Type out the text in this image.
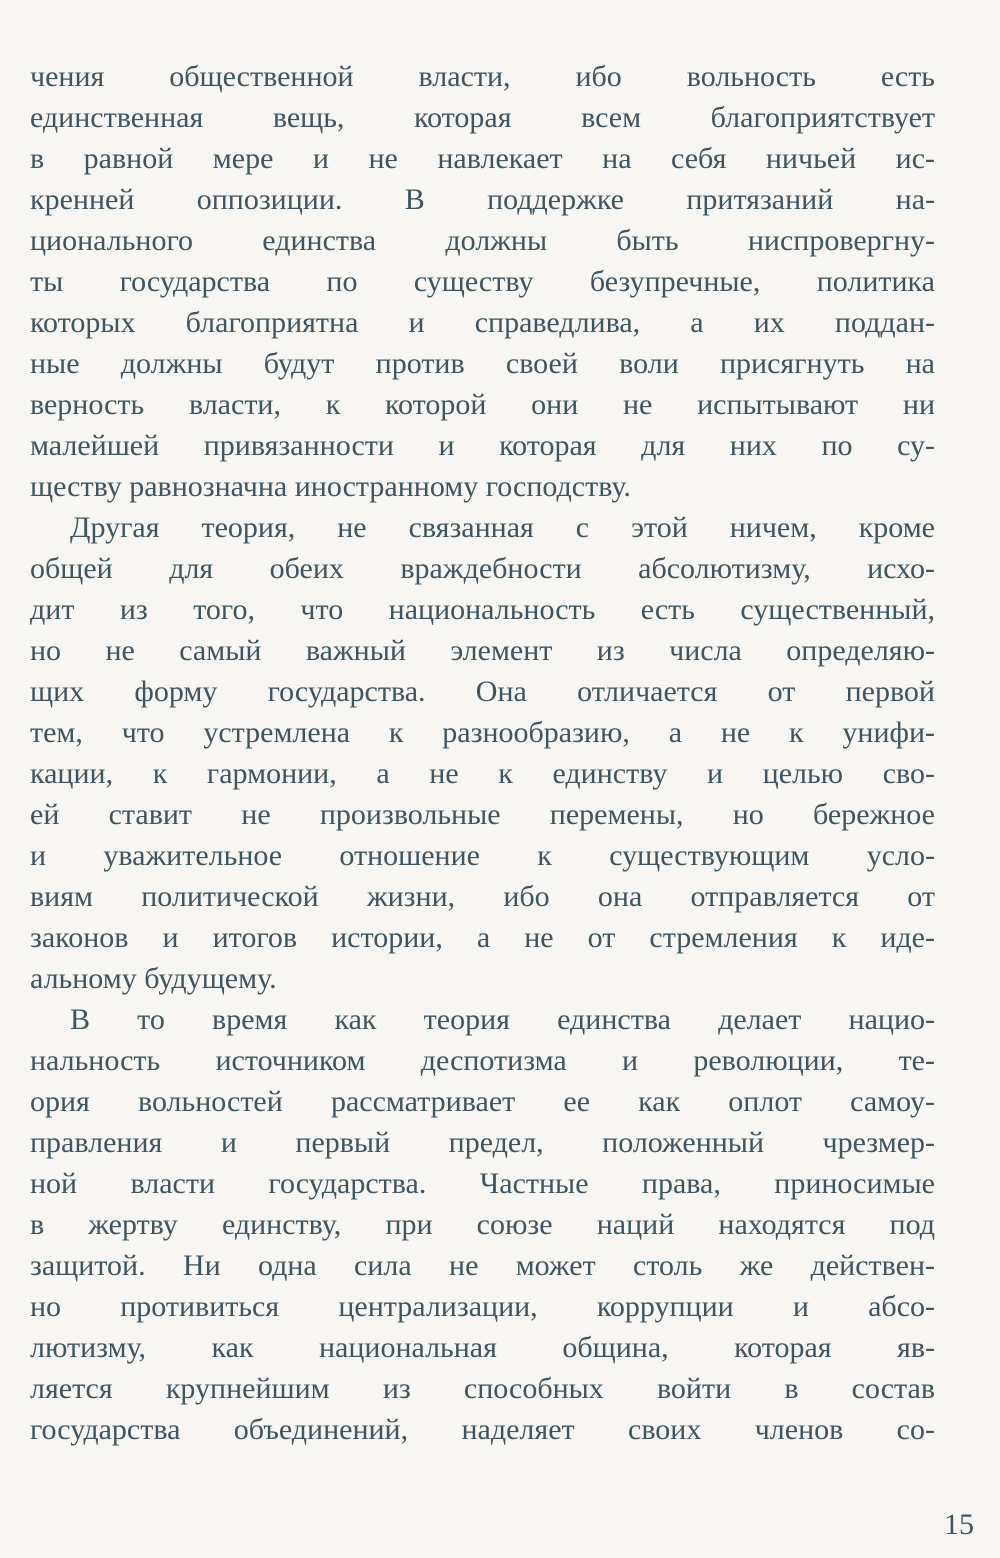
чения общественной власти, ибо вольность есть
единственная вещь, которая всем благоприятствует
в равной мере и не навлекает на себя ничьей ис-
кренней оппозиции. В поддержке притязаний на-
ционального единства должны быть ниспровергну-
ты государства по существу безупречные, политика
которых благоприятна и справедлива, а их поддан-
ные должны будут против своей воли присягнуть на
верность власти, к которой они не испытывают ни
малейшей привязанности и которая для них по су-
ществу равнозначна иностранному господству.
Другая теория, не связанная с этой ничем, кроме
общей для обеих враждебности абсолютизму, исхо-
дит из того, что национальность есть существенный,
но не самый важный элемент из числа определяю-
щих форму государства. Она отличается от первой
тем, что устремлена к разнообразию, а не к унифи-
кации, к гармонии, а не к единству и целью сво-
ей ставит не произвольные перемены, но бережное
и уважительное отношение к существующим усло-
виям политической жизни, ибо она отправляется от
законов и итогов истории, а не от стремления к иде-
альному будущему.
В то время как теория единства делает нацио-
нальность источником деспотизма и революции, те-
ория вольностей рассматривает ее как оплот самоу-
правления и первый предел, положенный чрезмер-
ной власти государства. Частные права, приносимые
в жертву единству, при союзе наций находятся под
защитой. Ни одна сила не может столь же действен-
но противиться централизации, коррупции и абсо-
лютизму, как национальная община, которая яв-
ляется крупнейшим из способных войти в состав
государства объединений, наделяет своих членов со-
15
